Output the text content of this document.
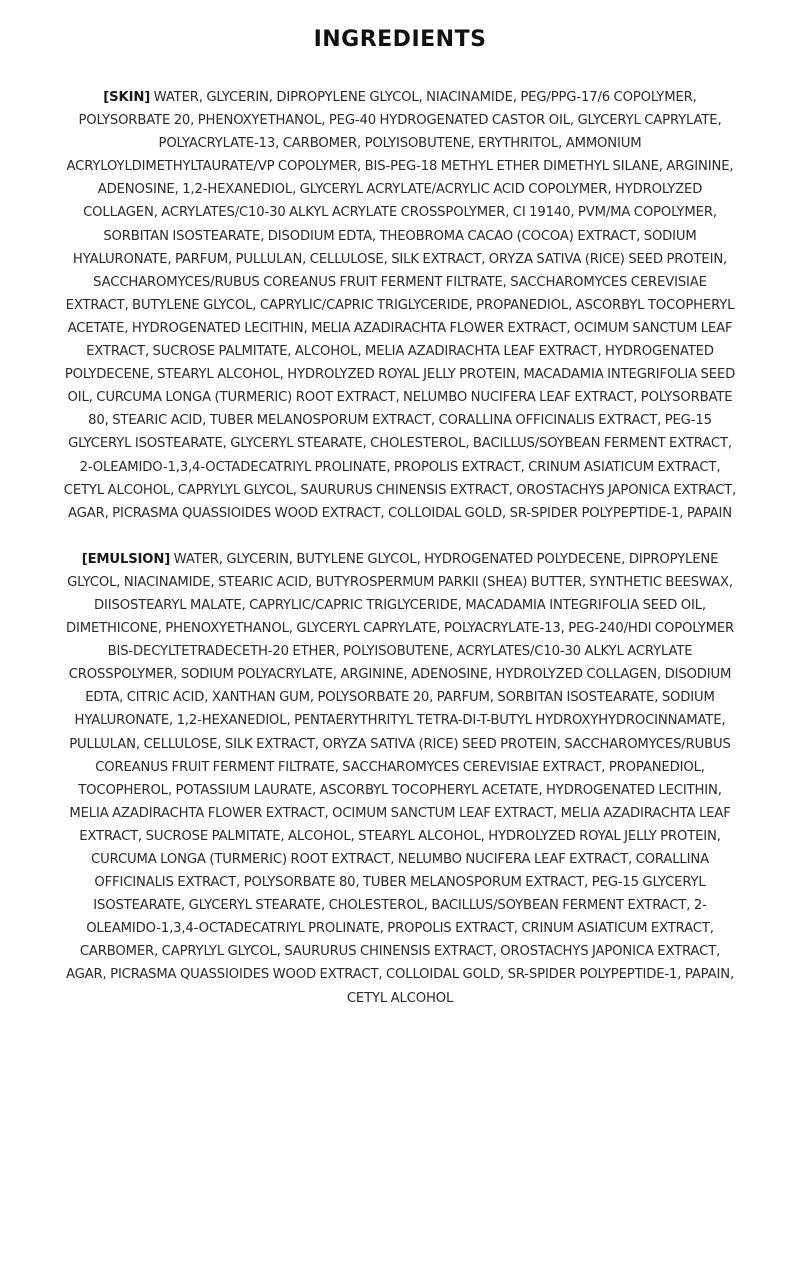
INGREDIENTS

[SKIN] WATER, GLYCERIN, DIPROPYLENE GLYCOL, NIACINAMIDE, PEG/PPG-17/6 COPOLYMER, POLYSORBATE 20, PHENOXYETHANOL, PEG-40 HYDROGENATED CASTOR OIL, GLYCERYL CAPRYLATE, POLYACRYLATE-13, CARBOMER, POLYISOBUTENE, ERYTHRITOL, AMMONIUM ACRYLOYLDIMETHYLTAURATE/VP COPOLYMER, BIS-PEG-18 METHYL ETHER DIMETHYL SILANE, ARGININE, ADENOSINE, 1,2-HEXANEDIOL, GLYCERYL ACRYLATE/ACRYLIC ACID COPOLYMER, HYDROLYZED COLLAGEN, ACRYLATES/C10-30 ALKYL ACRYLATE CROSSPOLYMER, CI 19140, PVM/MA COPOLYMER, SORBITAN ISOSTEARATE, DISODIUM EDTA, THEOBROMA CACAO (COCOA) EXTRACT, SODIUM HYALURONATE, PARFUM, PULLULAN, CELLULOSE, SILK EXTRACT, ORYZA SATIVA (RICE) SEED PROTEIN, SACCHAROMYCES/RUBUS COREANUS FRUIT FERMENT FILTRATE, SACCHAROMYCES CEREVISIAE EXTRACT, BUTYLENE GLYCOL, CAPRYLIC/CAPRIC TRIGLYCERIDE, PROPANEDIOL, ASCORBYL TOCOPHERYL ACETATE, HYDROGENATED LECITHIN, MELIA AZADIRACHTA FLOWER EXTRACT, OCIMUM SANCTUM LEAF EXTRACT, SUCROSE PALMITATE, ALCOHOL, MELIA AZADIRACHTA LEAF EXTRACT, HYDROGENATED POLYDECENE, STEARYL ALCOHOL, HYDROLYZED ROYAL JELLY PROTEIN, MACADAMIA INTEGRIFOLIA SEED OIL, CURCUMA LONGA (TURMERIC) ROOT EXTRACT, NELUMBO NUCIFERA LEAF EXTRACT, POLYSORBATE 80, STEARIC ACID, TUBER MELANOSPORUM EXTRACT, CORALLINA OFFICINALIS EXTRACT, PEG-15 GLYCERYL ISOSTEARATE, GLYCERYL STEARATE, CHOLESTEROL, BACILLUS/SOYBEAN FERMENT EXTRACT, 2-OLEAMIDO-1,3,4-OCTADECATRIYL PROLINATE, PROPOLIS EXTRACT, CRINUM ASIATICUM EXTRACT, CETYL ALCOHOL, CAPRYLYL GLYCOL, SAURURUS CHINENSIS EXTRACT, OROSTACHYS JAPONICA EXTRACT, AGAR, PICRASMA QUASSIOIDES WOOD EXTRACT, COLLOIDAL GOLD, SR-SPIDER POLYPEPTIDE-1, PAPAIN

[EMULSION] WATER, GLYCERIN, BUTYLENE GLYCOL, HYDROGENATED POLYDECENE, DIPROPYLENE GLYCOL, NIACINAMIDE, STEARIC ACID, BUTYROSPERMUM PARKII (SHEA) BUTTER, SYNTHETIC BEESWAX, DIISOSTEARYL MALATE, CAPRYLIC/CAPRIC TRIGLYCERIDE, MACADAMIA INTEGRIFOLIA SEED OIL, DIMETHICONE, PHENOXYETHANOL, GLYCERYL CAPRYLATE, POLYACRYLATE-13, PEG-240/HDI COPOLYMER BIS-DECYLTETRADECETH-20 ETHER, POLYISOBUTENE, ACRYLATES/C10-30 ALKYL ACRYLATE CROSSPOLYMER, SODIUM POLYACRYLATE, ARGININE, ADENOSINE, HYDROLYZED COLLAGEN, DISODIUM EDTA, CITRIC ACID, XANTHAN GUM, POLYSORBATE 20, PARFUM, SORBITAN ISOSTEARATE, SODIUM HYALURONATE, 1,2-HEXANEDIOL, PENTAERYTHRITYL TETRA-DI-T-BUTYL HYDROXYHYDROCINNAMATE, PULLULAN, CELLULOSE, SILK EXTRACT, ORYZA SATIVA (RICE) SEED PROTEIN, SACCHAROMYCES/RUBUS COREANUS FRUIT FERMENT FILTRATE, SACCHAROMYCES CEREVISIAE EXTRACT, PROPANEDIOL, TOCOPHEROL, POTASSIUM LAURATE, ASCORBYL TOCOPHERYL ACETATE, HYDROGENATED LECITHIN, MELIA AZADIRACHTA FLOWER EXTRACT, OCIMUM SANCTUM LEAF EXTRACT, MELIA AZADIRACHTA LEAF EXTRACT, SUCROSE PALMITATE, ALCOHOL, STEARYL ALCOHOL, HYDROLYZED ROYAL JELLY PROTEIN, CURCUMA LONGA (TURMERIC) ROOT EXTRACT, NELUMBO NUCIFERA LEAF EXTRACT, CORALLINA OFFICINALIS EXTRACT, POLYSORBATE 80, TUBER MELANOSPORUM EXTRACT, PEG-15 GLYCERYL ISOSTEARATE, GLYCERYL STEARATE, CHOLESTEROL, BACILLUS/SOYBEAN FERMENT EXTRACT, 2-OLEAMIDO-1,3,4-OCTADECATRIYL PROLINATE, PROPOLIS EXTRACT, CRINUM ASIATICUM EXTRACT, CARBOMER, CAPRYLYL GLYCOL, SAURURUS CHINENSIS EXTRACT, OROSTACHYS JAPONICA EXTRACT, AGAR, PICRASMA QUASSIOIDES WOOD EXTRACT, COLLOIDAL GOLD, SR-SPIDER POLYPEPTIDE-1, PAPAIN, CETYL ALCOHOL
